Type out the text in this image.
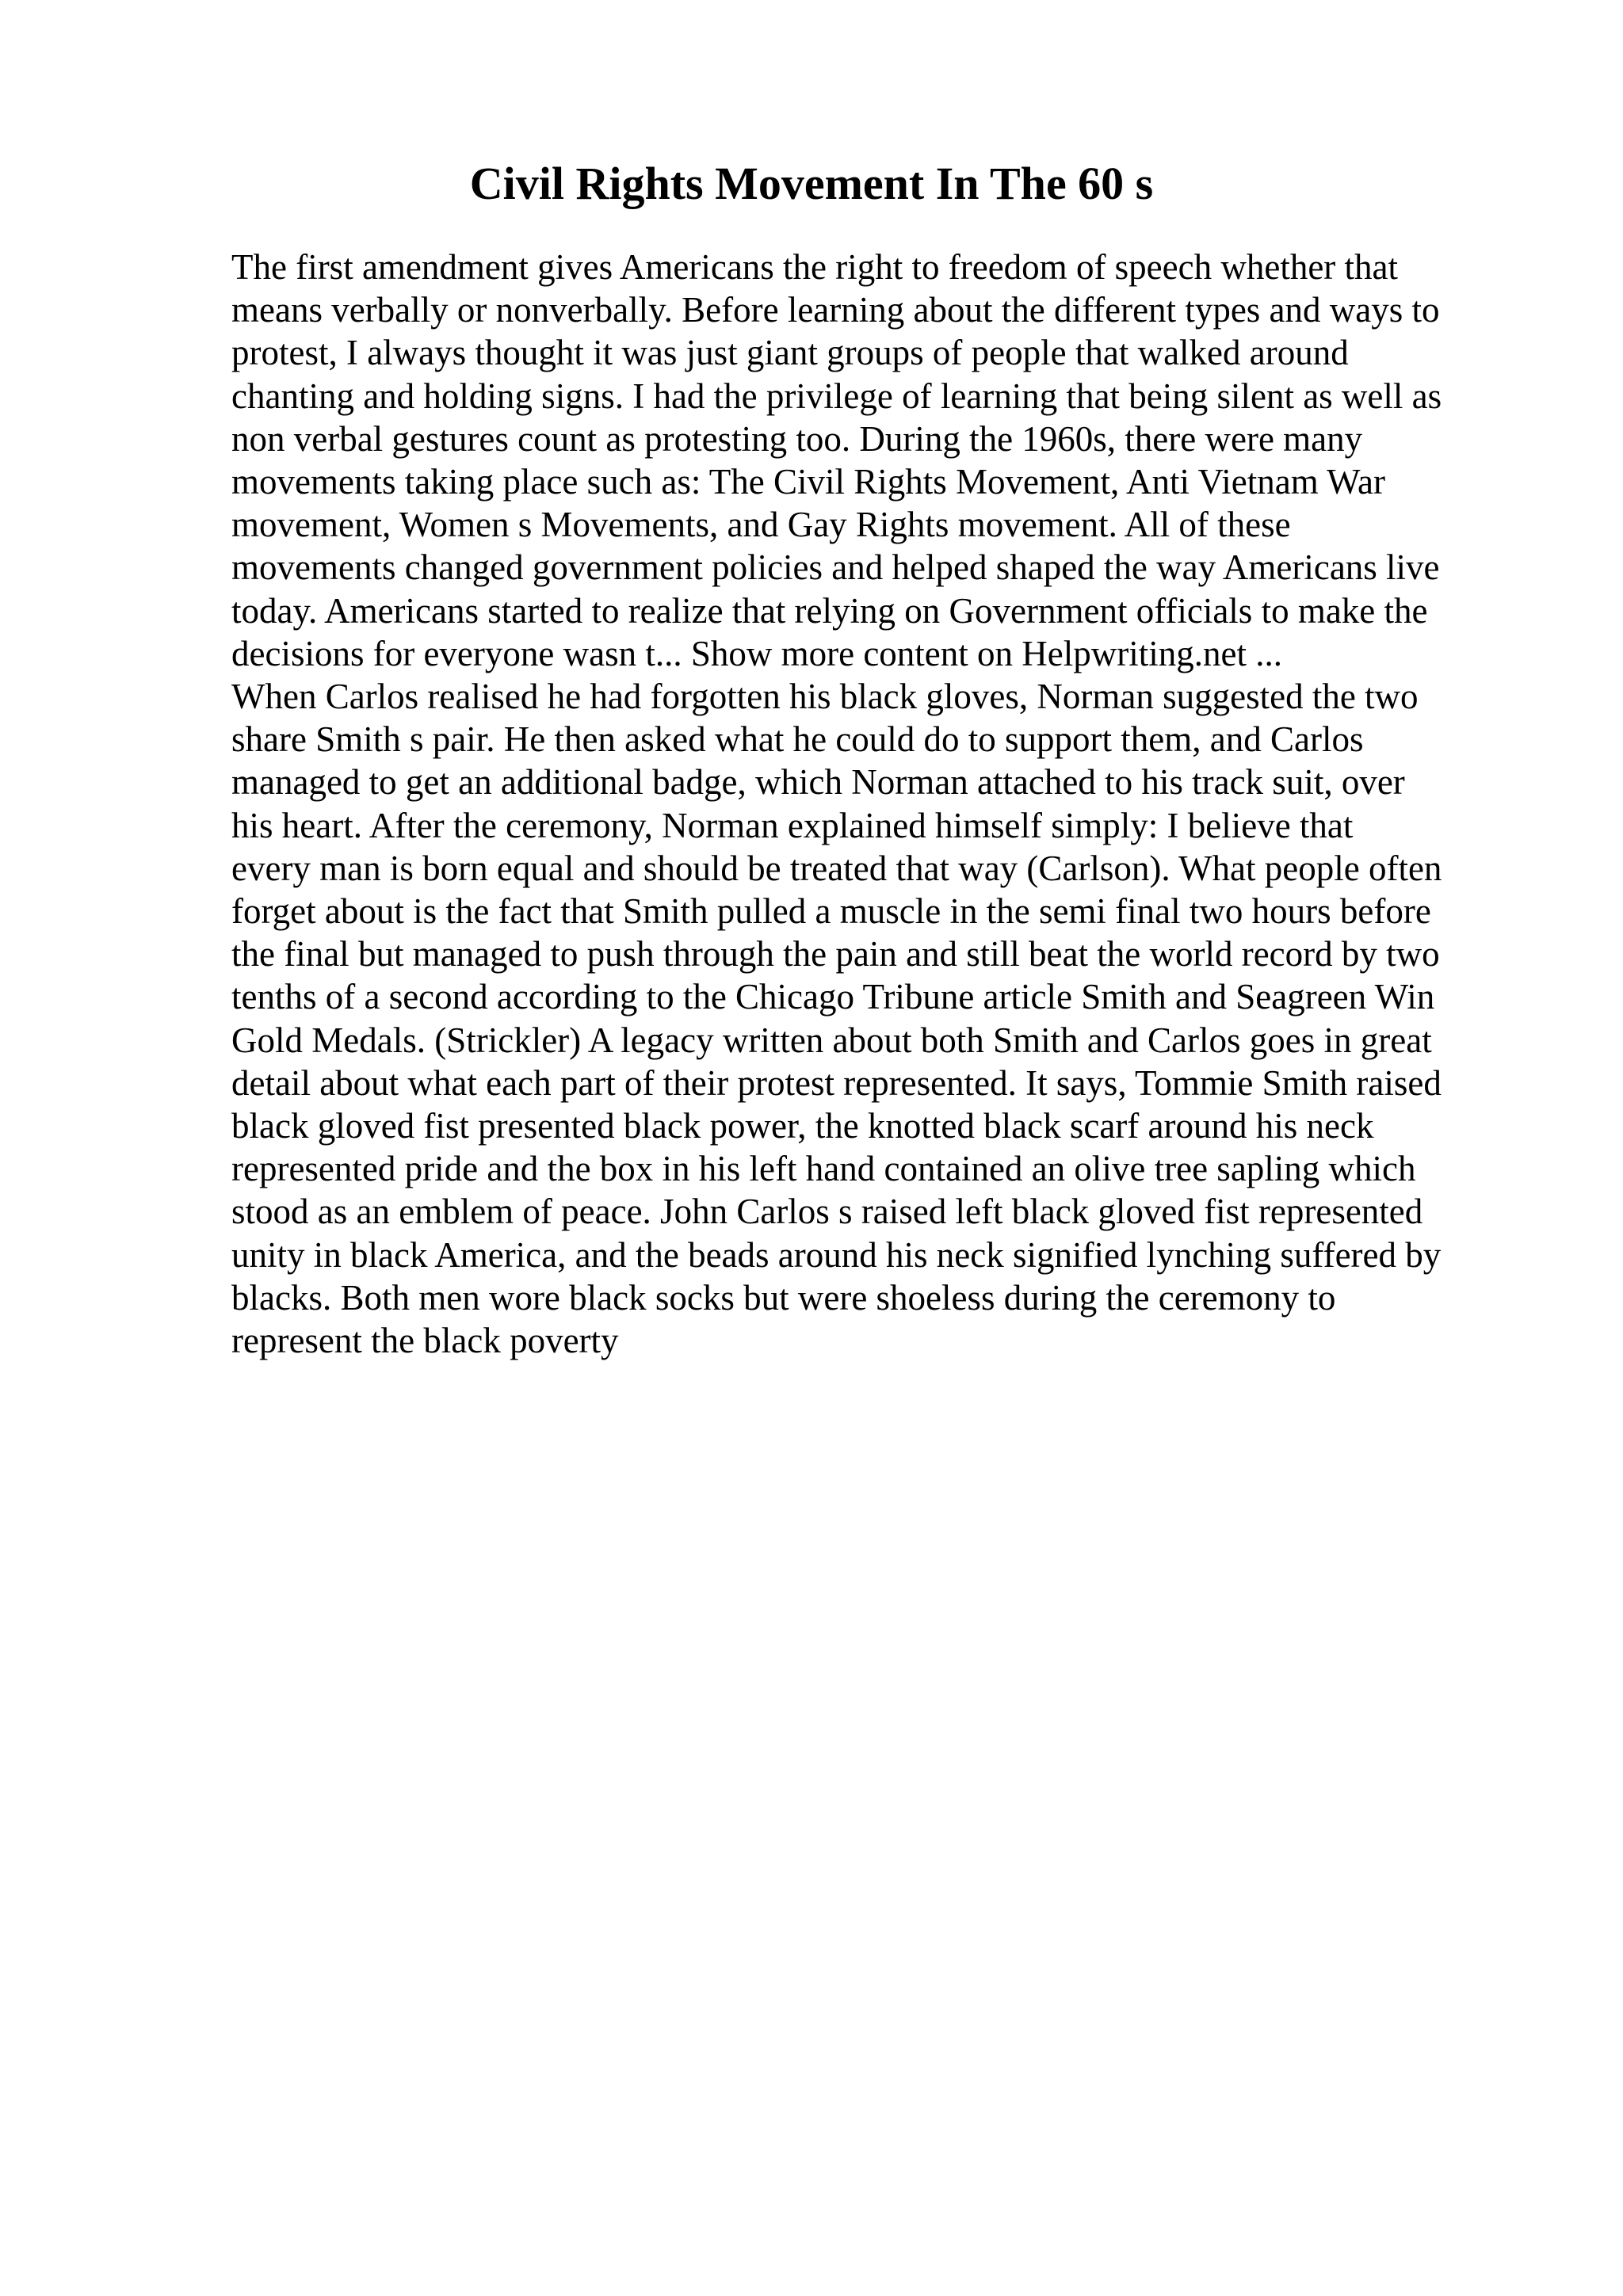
Civil Rights Movement In The 60 s
The first amendment gives Americans the right to freedom of speech whether that
means verbally or nonverbally. Before learning about the different types and ways to
protest, I always thought it was just giant groups of people that walked around
chanting and holding signs. I had the privilege of learning that being silent as well as
non verbal gestures count as protesting too. During the 1960s, there were many
movements taking place such as: The Civil Rights Movement, Anti Vietnam War
movement, Women s Movements, and Gay Rights movement. All of these
movements changed government policies and helped shaped the way Americans live
today. Americans started to realize that relying on Government officials to make the
decisions for everyone wasn t... Show more content on Helpwriting.net ...
When Carlos realised he had forgotten his black gloves, Norman suggested the two
share Smith s pair. He then asked what he could do to support them, and Carlos
managed to get an additional badge, which Norman attached to his track suit, over
his heart. After the ceremony, Norman explained himself simply: I believe that
every man is born equal and should be treated that way (Carlson). What people often
forget about is the fact that Smith pulled a muscle in the semi final two hours before
the final but managed to push through the pain and still beat the world record by two
tenths of a second according to the Chicago Tribune article Smith and Seagreen Win
Gold Medals. (Strickler) A legacy written about both Smith and Carlos goes in great
detail about what each part of their protest represented. It says, Tommie Smith raised
black gloved fist presented black power, the knotted black scarf around his neck
represented pride and the box in his left hand contained an olive tree sapling which
stood as an emblem of peace. John Carlos s raised left black gloved fist represented
unity in black America, and the beads around his neck signified lynching suffered by
blacks. Both men wore black socks but were shoeless during the ceremony to
represent the black poverty
